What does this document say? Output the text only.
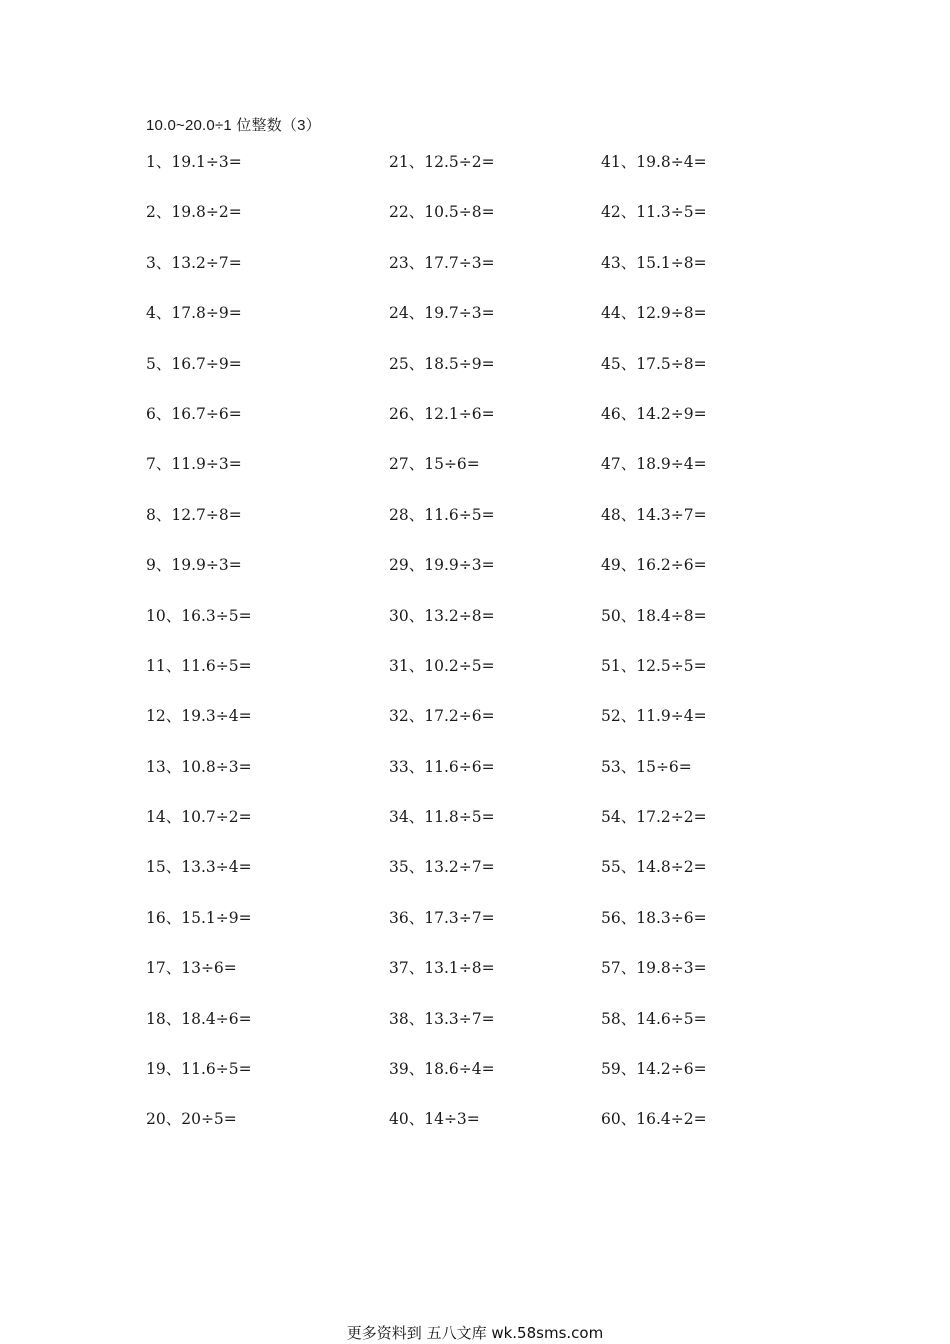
10.0~20.0÷1 位整数（3）
1、19.1÷3=
2、19.8÷2=
3、13.2÷7=
4、17.8÷9=
5、16.7÷9=
6、16.7÷6=
7、11.9÷3=
8、12.7÷8=
9、19.9÷3=
10、16.3÷5=
11、11.6÷5=
12、19.3÷4=
13、10.8÷3=
14、10.7÷2=
15、13.3÷4=
16、15.1÷9=
17、13÷6=
18、18.4÷6=
19、11.6÷5=
20、20÷5=
21、12.5÷2=
22、10.5÷8=
23、17.7÷3=
24、19.7÷3=
25、18.5÷9=
26、12.1÷6=
27、15÷6=
28、11.6÷5=
29、19.9÷3=
30、13.2÷8=
31、10.2÷5=
32、17.2÷6=
33、11.6÷6=
34、11.8÷5=
35、13.2÷7=
36、17.3÷7=
37、13.1÷8=
38、13.3÷7=
39、18.6÷4=
40、14÷3=
41、19.8÷4=
42、11.3÷5=
43、15.1÷8=
44、12.9÷8=
45、17.5÷8=
46、14.2÷9=
47、18.9÷4=
48、14.3÷7=
49、16.2÷6=
50、18.4÷8=
51、12.5÷5=
52、11.9÷4=
53、15÷6=
54、17.2÷2=
55、14.8÷2=
56、18.3÷6=
57、19.8÷3=
58、14.6÷5=
59、14.2÷6=
60、16.4÷2=
更多资料到 五八文库 wk.58sms.com
